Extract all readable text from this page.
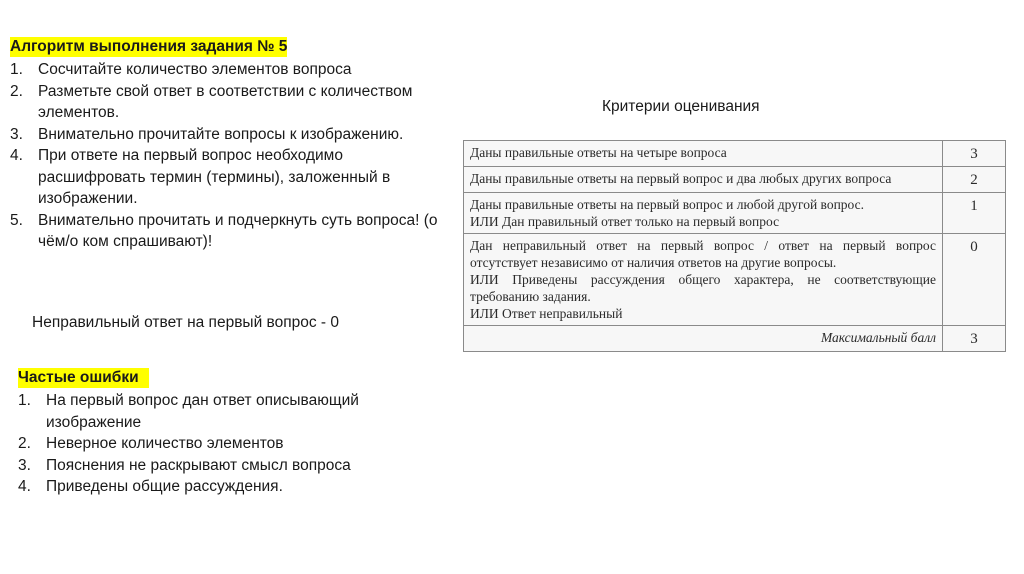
Алгоритм выполнения задания № 5
1. Сосчитайте количество элементов вопроса
2. Разметьте свой ответ в соответствии с количеством элементов.
3. Внимательно прочитайте вопросы к изображению.
4. При ответе на первый вопрос необходимо расшифровать термин (термины), заложенный в изображении.
5. Внимательно прочитать и подчеркнуть суть вопроса! (о чём/о ком спрашивают)!
Неправильный ответ на первый вопрос - 0
Частые ошибки
1. На первый вопрос дан ответ описывающий изображение
2. Неверное количество элементов
3. Пояснения не раскрывают смысл вопроса
4. Приведены общие рассуждения.
Критерии оценивания
Даны правильные ответы на четыре вопроса	3

Даны правильные ответы на первый вопрос и два любых других вопроса	2

Даны правильные ответы на первый вопрос и любой другой вопрос.
ИЛИ Дан правильный ответ только на первый вопрос	1

Дан неправильный ответ на первый вопрос / ответ на первый вопрос отсутствует независимо от наличия ответов на другие вопросы.
ИЛИ Приведены рассуждения общего характера, не соответствующие требованию задания.
ИЛИ Ответ неправильный	0
Максимальный балл	3
